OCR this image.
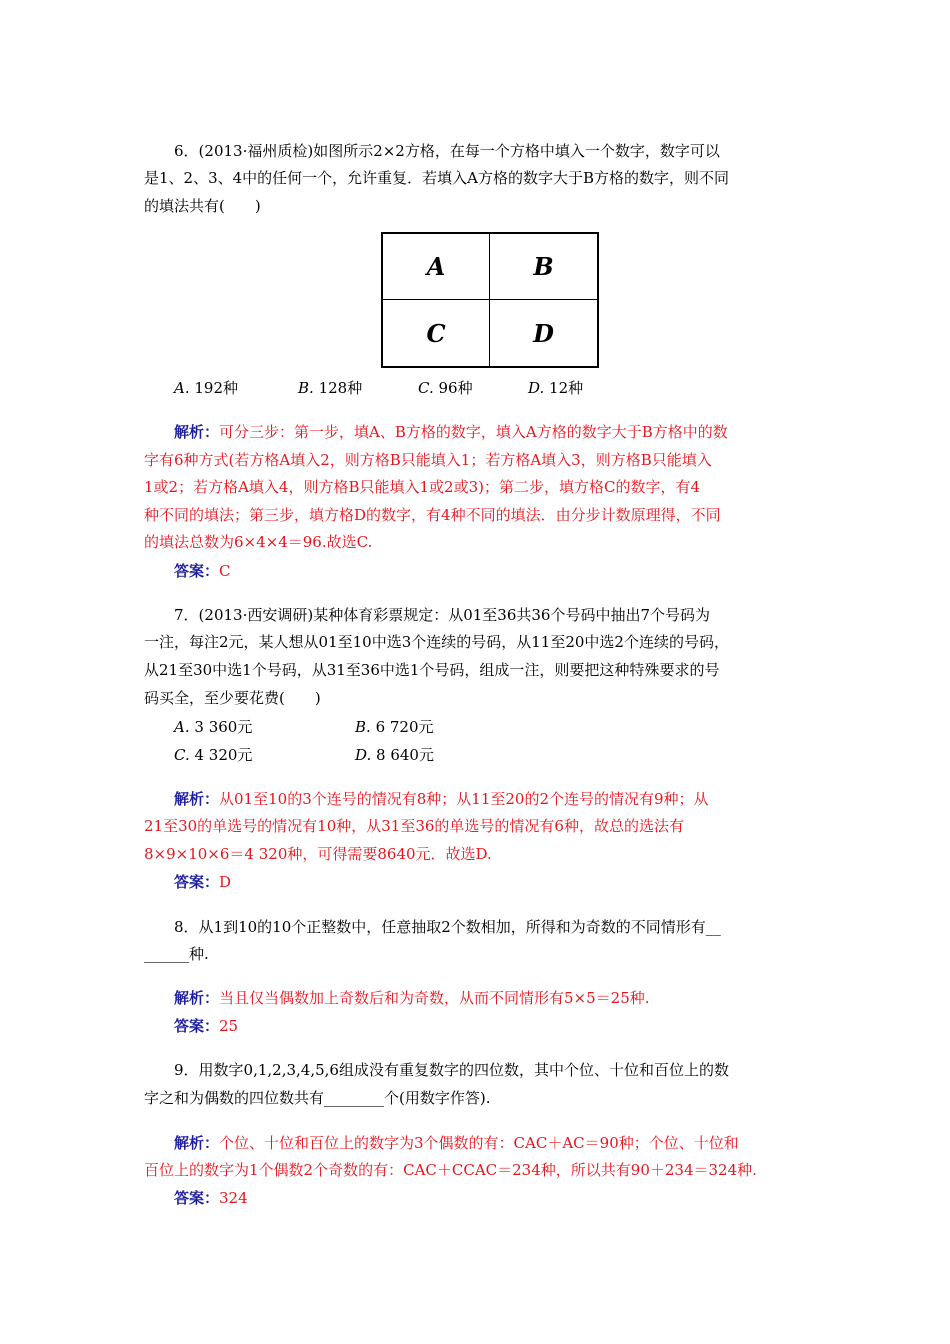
6．(2013·福州质检)如图所示2×2方格，在每一个方格中填入一个数字，数字可以
是1、2、3、4中的任何一个，允许重复．若填入A方格的数字大于B方格的数字，则不同
的填法共有(　　)
A	B
C	D
A. 192种	B. 128种	C. 96种	D. 12种
解析：可分三步：第一步，填A、B方格的数字，填入A方格的数字大于B方格中的数
字有6种方式(若方格A填入2，则方格B只能填入1；若方格A填入3，则方格B只能填入
1或2；若方格A填入4，则方格B只能填入1或2或3)；第二步，填方格C的数字，有4
种不同的填法；第三步，填方格D的数字，有4种不同的填法．由分步计数原理得，不同
的填法总数为6×4×4＝96.故选C.
答案：C
7．(2013·西安调研)某种体育彩票规定：从01至36共36个号码中抽出7个号码为
一注，每注2元，某人想从01至10中选3个连续的号码，从11至20中选2个连续的号码，
从21至30中选1个号码，从31至36中选1个号码，组成一注，则要把这种特殊要求的号
码买全，至少要花费(　　)
A. 3 360元	B. 6 720元
C. 4 320元	D. 8 640元
解析：从01至10的3个连号的情况有8种；从11至20的2个连号的情况有9种；从
21至30的单选号的情况有10种，从31至36的单选号的情况有6种，故总的选法有
8×9×10×6＝4 320种，可得需要8640元．故选D.
答案：D
8．从1到10的10个正整数中，任意抽取2个数相加，所得和为奇数的不同情形有__
______种.
解析：当且仅当偶数加上奇数后和为奇数，从而不同情形有5×5＝25种.
答案：25
9．用数字0,1,2,3,4,5,6组成没有重复数字的四位数，其中个位、十位和百位上的数
字之和为偶数的四位数共有________个(用数字作答).
解析：个位、十位和百位上的数字为3个偶数的有：CAC＋AC＝90种；个位、十位和
百位上的数字为1个偶数2个奇数的有：CAC＋CCAC＝234种，所以共有90＋234＝324种.
答案：324
